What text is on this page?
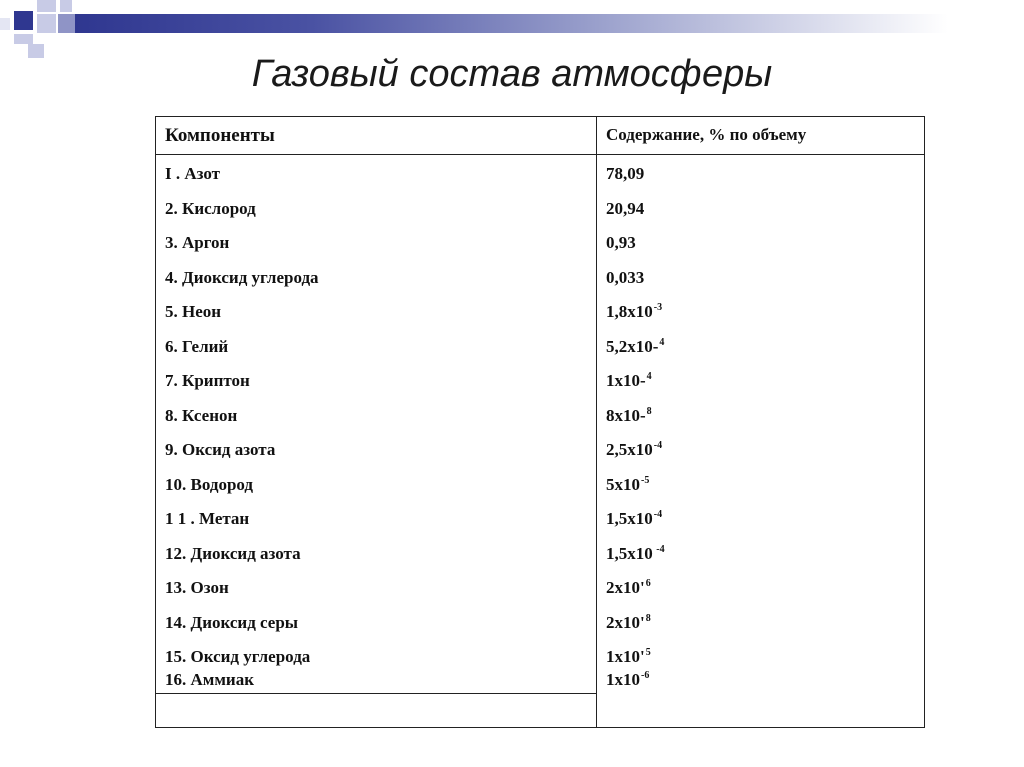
Газовый состав атмосферы
Компоненты	Содержание, % по объему
I . Азот	78,09
2. Кислород	20,94
3. Аргон	0,93
4. Диоксид углерода	0,033
5. Неон	$1,8x10^{-3}$
6. Гелий	5,2x10-$^4$
7. Криптон	1x10-$^4$
8. Ксенон	8x10-$^8$
9. Оксид азота	$2,5x10^{-4}$
10. Водород	$5x10^{-5}$
1 1 . Метан	$1,5x10^{-4}$
12. Диоксид азота	1,5x10 $^{-4}$
13. Озон	$2x10'^6$
14. Диоксид серы	$2x10'^8$
15. Оксид углерода	$1x10'^5$
16. Аммиак	$1x10^{-6}$
